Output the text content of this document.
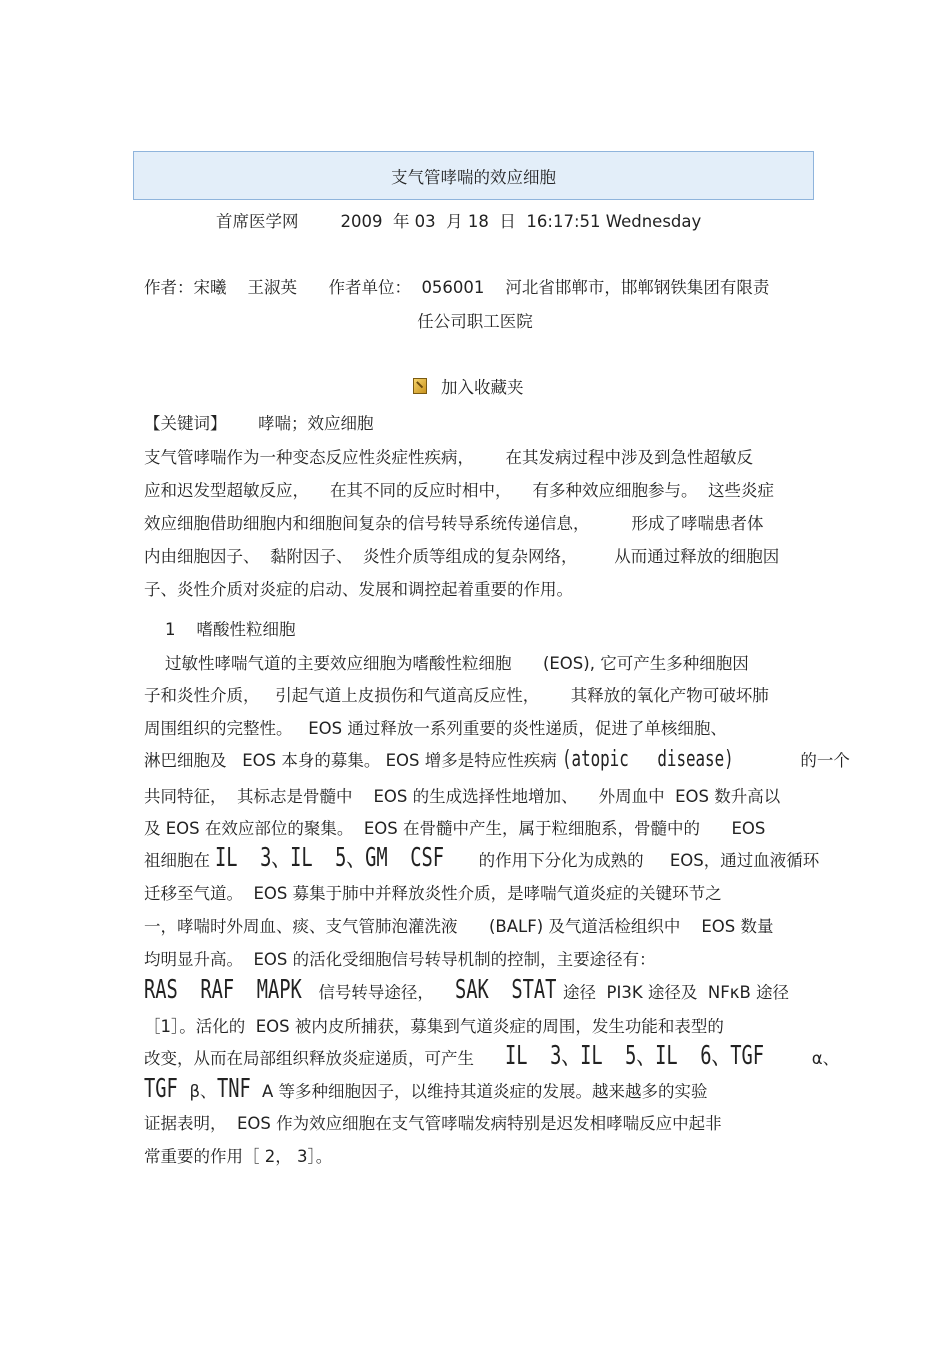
支气管哮喘的效应细胞
首席医学网        2009  年 03  月 18  日  16:17:51 Wednesday
作者：宋曦    王淑英      作者单位：  056001    河北省邯郸市，邯郸钢铁集团有限责
任公司职工医院
加入收藏夹
【关键词】      哮喘；效应细胞
支气管哮喘作为一种变态反应性炎症性疾病，      在其发病过程中涉及到急性超敏反
应和迟发型超敏反应，    在其不同的反应时相中，    有多种效应细胞参与。  这些炎症
效应细胞借助细胞内和细胞间复杂的信号转导系统传递信息，        形成了哮喘患者体
内由细胞因子、  黏附因子、  炎性介质等组成的复杂网络，       从而通过释放的细胞因
子、炎性介质对炎症的启动、发展和调控起着重要的作用。
1    嗜酸性粒细胞
过敏性哮喘气道的主要效应细胞为嗜酸性粒细胞      (EOS), 它可产生多种细胞因
子和炎性介质，   引起气道上皮损伤和气道高反应性，      其释放的氧化产物可破坏肺
周围组织的完整性。   EOS 通过释放一系列重要的炎性递质，促进了单核细胞、
淋巴细胞及   EOS 本身的募集。 EOS 增多是特应性疾病 (atopic   disease)	的一个
共同特征，  其标志是骨髓中    EOS 的生成选择性地增加、    外周血中  EOS 数升高以
及 EOS 在效应部位的聚集。  EOS 在骨髓中产生，属于粒细胞系，骨髓中的      EOS
祖细胞在 IL  3、IL  5、GM  CSF 的作用下分化为成熟的     EOS，通过血液循环
迁移至气道。  EOS 募集于肺中并释放炎性介质，是哮喘气道炎症的关键环节之
一，哮喘时外周血、痰、支气管肺泡灌洗液      (BALF) 及气道活检组织中    EOS 数量
均明显升高。  EOS 的活化受细胞信号转导机制的控制，主要途径有：
RAS  RAF  MAPK 信号转导途径，    SAK  STAT 途径  PI3K 途径及  NFκB 途径
［1］。活化的  EOS 被内皮所捕获，募集到气道炎症的周围，发生功能和表型的
改变，从而在局部组织释放炎症递质，可产生      IL  3、IL  5、IL  6、TGF  α、
TGF  β、TNF  A 等多种细胞因子，以维持其道炎症的发展。越来越多的实验
证据表明，  EOS 作为效应细胞在支气管哮喘发病特别是迟发相哮喘反应中起非
常重要的作用［ 2， 3］。
